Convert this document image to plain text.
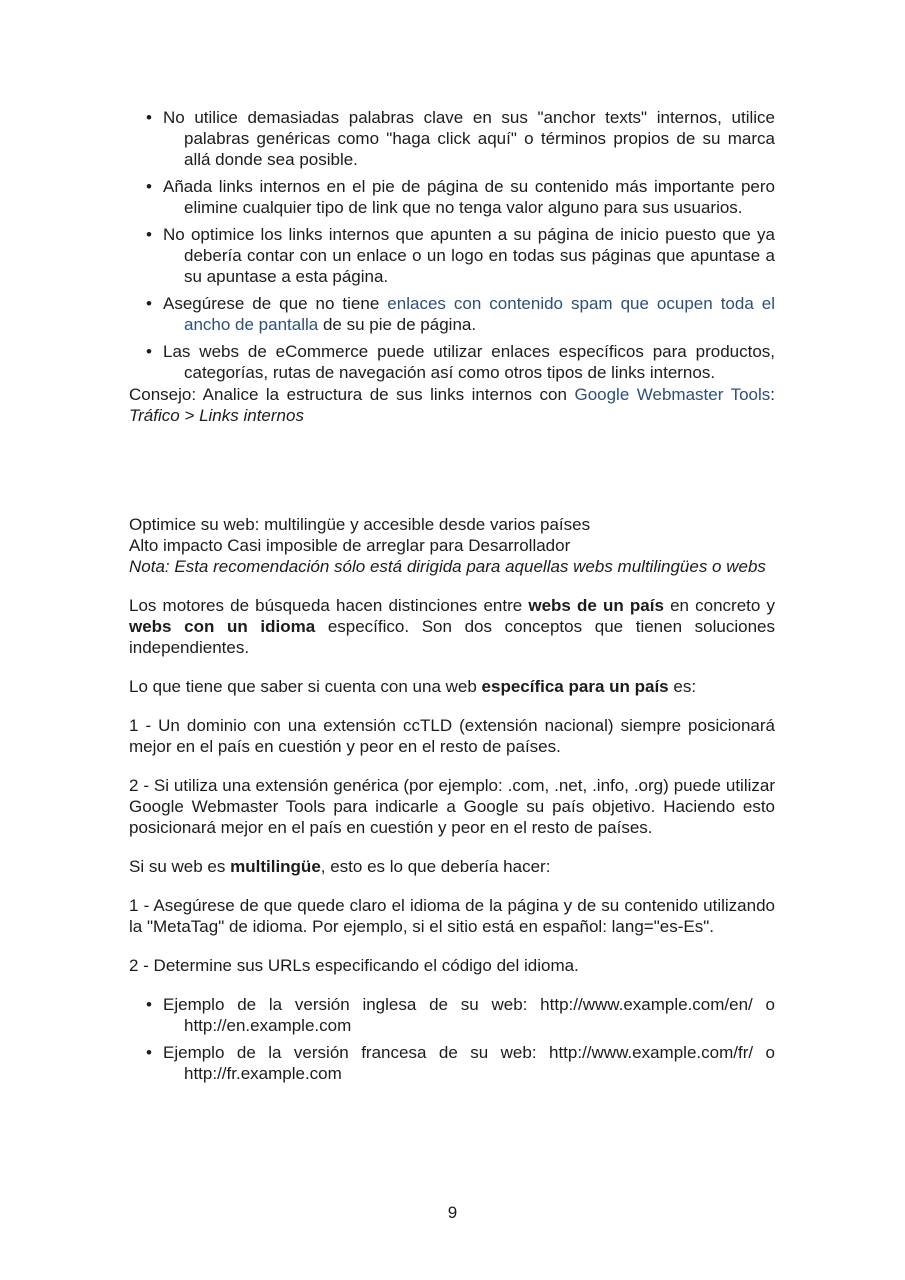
• No utilice demasiadas palabras clave en sus "anchor texts" internos, utilice palabras genéricas como "haga click aquí" o términos propios de su marca allá donde sea posible.
• Añada links internos en el pie de página de su contenido más importante pero elimine cualquier tipo de link que no tenga valor alguno para sus usuarios.
• No optimice los links internos que apunten a su página de inicio puesto que ya debería contar con un enlace o un logo en todas sus páginas que apuntase a su apuntase a esta página.
• Asegúrese de que no tiene enlaces con contenido spam que ocupen toda el ancho de pantalla de su pie de página.
• Las webs de eCommerce puede utilizar enlaces específicos para productos, categorías, rutas de navegación así como otros tipos de links internos.

Consejo: Analice la estructura de sus links internos con Google Webmaster Tools: Tráfico > Links internos

Optimice su web: multilingüe y accesible desde varios países

Alto impacto Casi imposible de arreglar para Desarrollador

Nota: Esta recomendación sólo está dirigida para aquellas webs multilingües o webs

Los motores de búsqueda hacen distinciones entre webs de un país en concreto y webs con un idioma específico. Son dos conceptos que tienen soluciones independientes.

Lo que tiene que saber si cuenta con una web específica para un país es:

1 - Un dominio con una extensión ccTLD (extensión nacional) siempre posicionará mejor en el país en cuestión y peor en el resto de países.

2 - Si utiliza una extensión genérica (por ejemplo: .com, .net, .info, .org) puede utilizar Google Webmaster Tools para indicarle a Google su país objetivo. Haciendo esto posicionará mejor en el país en cuestión y peor en el resto de países.

Si su web es multilingüe, esto es lo que debería hacer:

1 - Asegúrese de que quede claro el idioma de la página y de su contenido utilizando la "MetaTag" de idioma. Por ejemplo, si el sitio está en español: lang="es-Es".

2 - Determine sus URLs especificando el código del idioma.

• Ejemplo de la versión inglesa de su web: http://www.example.com/en/ o http://en.example.com
• Ejemplo de la versión francesa de su web: http://www.example.com/fr/ o http://fr.example.com
9
